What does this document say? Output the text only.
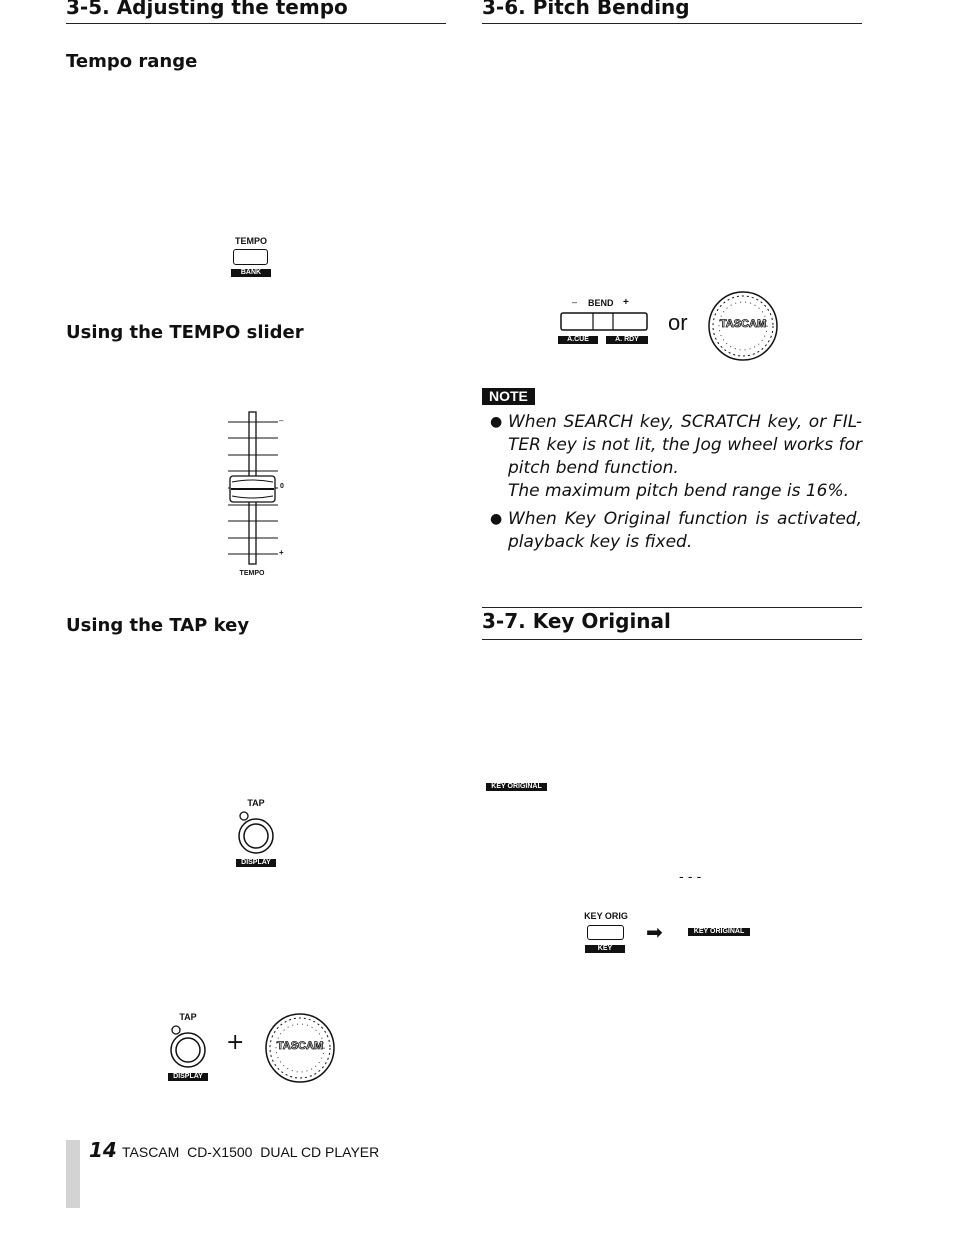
3-5. Adjusting the tempo
Tempo range
TEMPO
BANK
Using the TEMPO slider
–
0
+
TEMPO
Using the TAP key
TAP
DISPLAY
TAP
DISPLAY
+	TASCAM
3-6. Pitch Bending
– BEND +
A.CUE	A. RDY
or	TASCAM
NOTE
● When SEARCH key, SCRATCH key, or FIL-TER key is not lit, the Jog wheel works for pitch bend function.
The maximum pitch bend range is 16%.
● When Key Original function is activated, playback key is fixed.
3-7. Key Original
KEY ORIGINAL
- - -
KEY ORIG
KEY
➡	KEY ORIGINAL
14 TASCAM  CD-X1500  DUAL CD PLAYER
